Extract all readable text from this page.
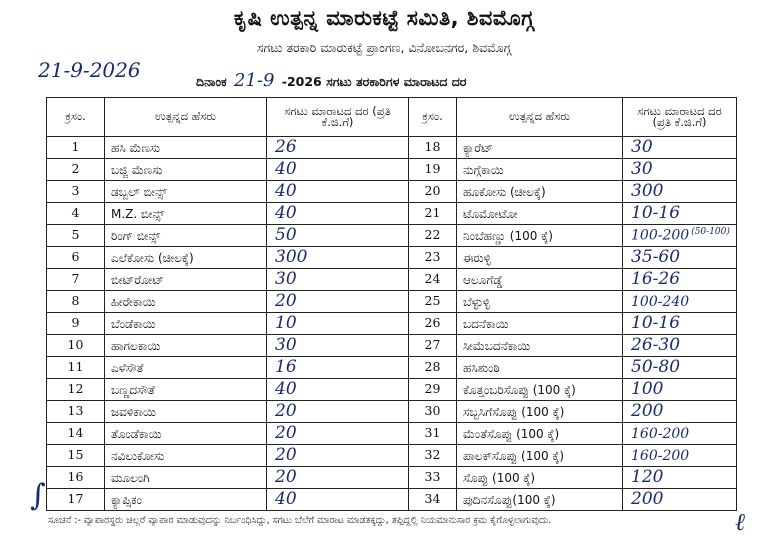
ಕೃಷಿ ಉತ್ಪನ್ನ ಮಾರುಕಟ್ಟೆ ಸಮಿತಿ, ಶಿವಮೊಗ್ಗ
ಸಗಟು ತರಕಾರಿ ಮಾರುಕಟ್ಟೆ ಪ್ರಾಂಗಣ, ವಿನೋಬನಗರ, ಶಿವಮೊಗ್ಗ
21-9-2026	ದಿನಾಂಕ 21-9 -2026 ಸಗಟು ತರಕಾರಿಗಳ ಮಾರಾಟದ ದರ
ಕ್ರಸಂ.	ಉತ್ಪನ್ನದ ಹೆಸರು	ಸಗಟು ಮಾರಾಟದ ದರ (ಪ್ರತಿ ಕೆ.ಜಿ.ಗೆ)	ಕ್ರಸಂ.	ಉತ್ಪನ್ನದ ಹೆಸರು	ಸಗಟು ಮಾರಾಟದ ದರ (ಪ್ರತಿ ಕೆ.ಜಿ.ಗೆ)
1	ಹಸಿ ಮೆಣಸು	26	18	ಕ್ಯಾರೆಟ್	30
2	ಬಜ್ಜಿ ಮೆಣಸು	40	19	ನುಗ್ಗೆಕಾಯಿ	30
3	ಡಬ್ಬಲ್ ಬೀನ್ಸ್	40	20	ಹೂಕೋಸು (ಚೀಲಕ್ಕೆ)	300
4	M.Z. ಬೀನ್ಸ್	40	21	ಟೊಮೋಟೋ	10-16
5	ರಿಂಗ್ ಬೀನ್ಸ್	50	22	ನಿಂಬೆಹಣ್ಣು (100 ಕ್ಕೆ)	100-200 $^{(50-100)}$
6	ಎಲೆಕೋಸು (ಚೀಲಕ್ಕೆ)	300	23	ಈರುಳ್ಳಿ	35-60
7	ಬೀಟ್‌ರೋಟ್	30	24	ಆಲೂಗೆಡ್ಡೆ	16-26
8	ಹೀರೇಕಾಯಿ	20	25	ಬೆಳ್ಳುಳ್ಳಿ	100-240
9	ಬೆಂಡೆಕಾಯಿ	10	26	ಬದನೆಕಾಯಿ	10-16
10	ಹಾಗಲಕಾಯಿ	30	27	ಸೀಮೆಬದನೆಕಾಯಿ	26-30
11	ಎಳೆಸೌತೆ	16	28	ಹಸಿಶುಂಠಿ	50-80
12	ಬಣ್ಣದಸೌತೆ	40	29	ಕೊತ್ತಂಬರಿಸೊಪ್ಪು (100 ಕ್ಕೆ)	100
13	ಜವಳಿಕಾಯಿ	20	30	ಸಬ್ಬಸಿಗೆಸೊಪ್ಪು (100 ಕ್ಕೆ)	200
14	ತೊಂಡೆಕಾಯಿ	20	31	ಮೆಂತೆಸೊಪ್ಪು (100 ಕ್ಕೆ)	160-200
15	ನವಿಲುಕೋಸು	20	32	ಪಾಲಕ್‌ಸೊಪ್ಪು (100 ಕ್ಕೆ)	160-200
16	ಮೂಲಂಗಿ	20	33	ಸೊಪ್ಪು (100 ಕ್ಕೆ)	120
17	ಕ್ಯಾಪ್ಸಿಕಂ	40	34	ಪುದಿನಸೊಪ್ಪು(100 ಕ್ಕೆ)	200
ಸೂಚನೆ :- ವ್ಯಾಪಾರಸ್ಥರು ಚಿಲ್ಲರೆ ವ್ಯಾಪಾರ ಮಾಡುವುದನ್ನು ನಿರ್ಬಂಧಿಸಿದ್ದು, ಸಗಟು ಬೆಲೆಗೆ ಮಾರಾಟ ಮಾಡತಕ್ಕದ್ದು, ತಪ್ಪಿದ್ದಲ್ಲಿ ನಿಯಮಾನುಸಾರ ಕ್ರಮ ಕೈಗೊಳ್ಳಲಾಗುವುದು.
∫
ℓ
